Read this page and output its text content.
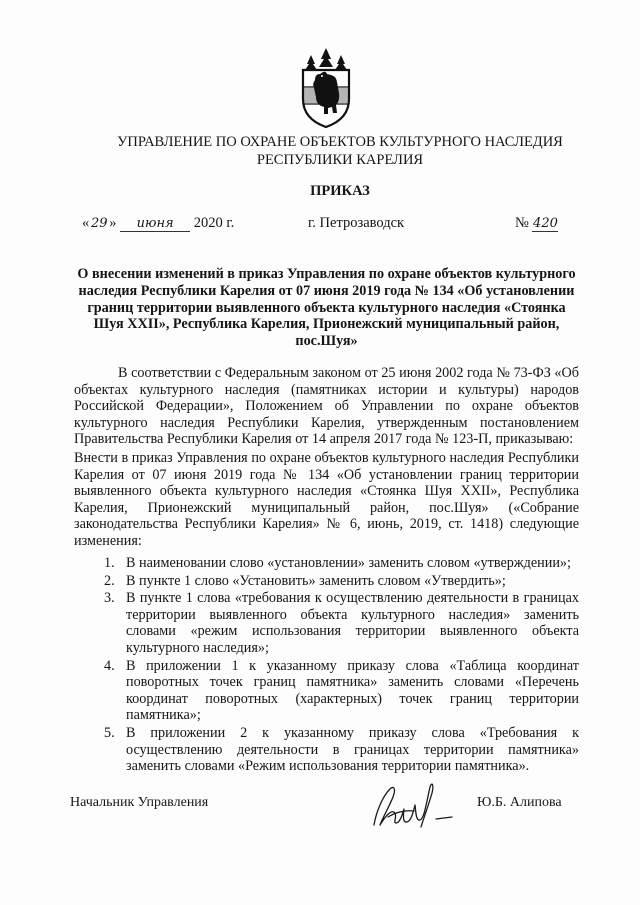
УПРАВЛЕНИЕ ПО ОХРАНЕ ОБЪЕКТОВ КУЛЬТУРНОГО НАСЛЕДИЯ
РЕСПУБЛИКИ КАРЕЛИЯ
ПРИКАЗ
« 29 » июня 2020 г.	г. Петрозаводск	№ 420
О внесении изменений в приказ Управления по охране объектов культурного наследия Республики Карелия от 07 июня 2019 года № 134 «Об установлении границ территории выявленного объекта культурного наследия «Стоянка Шуя XXII», Республика Карелия, Прионежский муниципальный район, пос.Шуя»

В соответствии с Федеральным законом от 25 июня 2002 года № 73-ФЗ «Об объектах культурного наследия (памятниках истории и культуры) народов Российской Федерации», Положением об Управлении по охране объектов культурного наследия Республики Карелия, утвержденным постановлением Правительства Республики Карелия от 14 апреля 2017 года № 123-П, приказываю:

Внести в приказ Управления по охране объектов культурного наследия Республики Карелия от 07 июня 2019 года № 134 «Об установлении границ территории выявленного объекта культурного наследия «Стоянка Шуя XXII», Республика Карелия, Прионежский муниципальный район, пос.Шуя» («Собрание законодательства Республики Карелия» № 6, июнь, 2019, ст. 1418) следующие изменения:

1. В наименовании слово «установлении» заменить словом «утверждении»;
2. В пункте 1 слово «Установить» заменить словом «Утвердить»;
3. В пункте 1 слова «требования к осуществлению деятельности в границах территории выявленного объекта культурного наследия» заменить словами «режим использования территории выявленного объекта культурного наследия»;
4. В приложении 1 к указанному приказу слова «Таблица координат поворотных точек границ памятника» заменить словами «Перечень координат поворотных (характерных) точек границ территории памятника»;
5. В приложении 2 к указанному приказу слова «Требования к осуществлению деятельности в границах территории памятника» заменить словами «Режим использования территории памятника».
Начальник Управления	Ю.Б. Алипова
